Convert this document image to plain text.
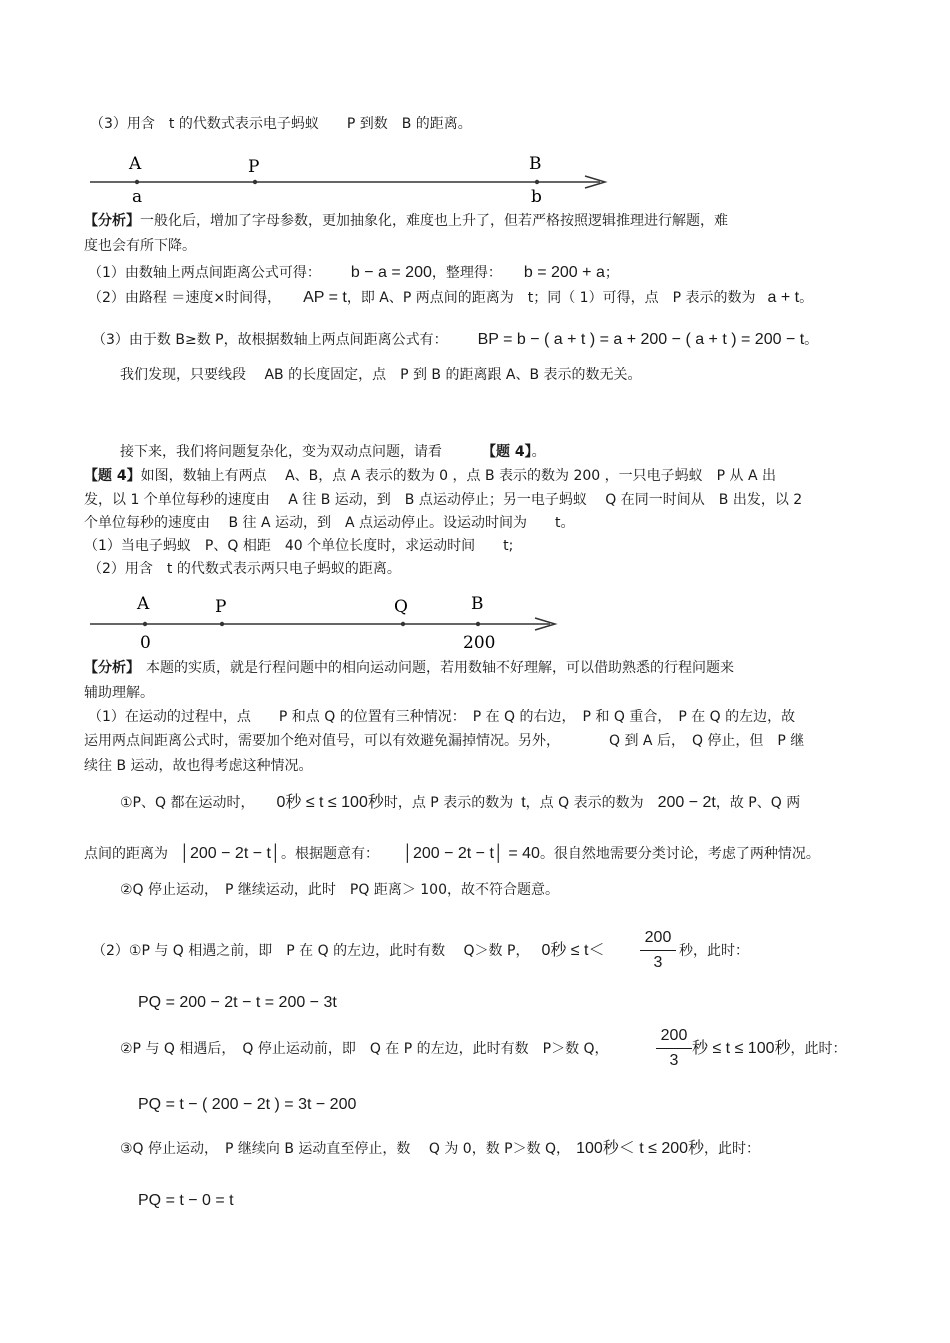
（3）用含　t 的代数式表示电子蚂蚁　　P 到数　B 的距离。
A	P	B
a	b
【分析】一般化后，增加了字母参数，更加抽象化，难度也上升了，但若严格按照逻辑推理进行解题，难
度也会有所下降。
（1）由数轴上两点间距离公式可得： b − a = 200，整理得： b = 200 + a；
（2）由路程 ＝速度×时间得， AP = t，即 A、P 两点间的距离为　t；同（ 1）可得，点　P 表示的数为 a + t。
（3）由于数 B≥数 P，故根据数轴上两点间距离公式有： BP = b − ( a + t ) = a + 200 − ( a + t ) = 200 − t。
我们发现，只要线段　 AB 的长度固定，点　P 到 B 的距离跟 A、B 表示的数无关。
接下来，我们将问题复杂化，变为双动点问题，请看	【题 4】。
【题 4】如图，数轴上有两点　 A、B，点 A 表示的数为 0 ，点 B 表示的数为 200 ，一只电子蚂蚁　P 从 A 出
发，以 1 个单位每秒的速度由　 A 往 B 运动，到　B 点运动停止；另一电子蚂蚁　 Q 在同一时间从　B 出发，以 2
个单位每秒的速度由　 B 往 A 运动，到　A 点运动停止。设运动时间为　　t。
（1）当电子蚂蚁　P、Q 相距　40 个单位长度时，求运动时间　　t;
（2）用含　t 的代数式表示两只电子蚂蚁的距离。
A	P	Q	B
0	200
【分析】 本题的实质，就是行程问题中的相向运动问题，若用数轴不好理解，可以借助熟悉的行程问题来
辅助理解。
（1）在运动的过程中，点　　P 和点 Q 的位置有三种情况：　P 在 Q 的右边，　P 和 Q 重合，　P 在 Q 的左边，故
运用两点间距离公式时，需要加个绝对值号，可以有效避免漏掉情况。另外，　　　　Q 到 A 后，　Q 停止，但　P 继
续往 B 运动，故也得考虑这种情况。
①P、Q 都在运动时， 0秒 ≤ t ≤ 100秒时，点 P 表示的数为 t，点 Q 表示的数为 200 − 2t，故 P、Q 两
点间的距离为 │200 − 2t − t│。根据题意有： │200 − 2t − t│ = 40。很自然地需要分类讨论，考虑了两种情况。
②Q 停止运动，　P 继续运动，此时　PQ 距离＞ 100，故不符合题意。
（2）①P 与 Q 相遇之前，即　P 在 Q 的左边，此时有数　 Q＞数 P， 0秒 ≤ t＜
200
3
秒，此时：
PQ = 200 − 2t − t = 200 − 3t
②P 与 Q 相遇后，　Q 停止运动前，即　Q 在 P 的左边，此时有数　P＞数 Q，
200
3
秒 ≤ t ≤ 100秒，此时：
PQ = t − ( 200 − 2t ) = 3t − 200
③Q 停止运动，　P 继续向 B 运动直至停止，数　 Q 为 0，数 P＞数 Q， 100秒＜ t ≤ 200秒，此时：
PQ = t − 0 = t
